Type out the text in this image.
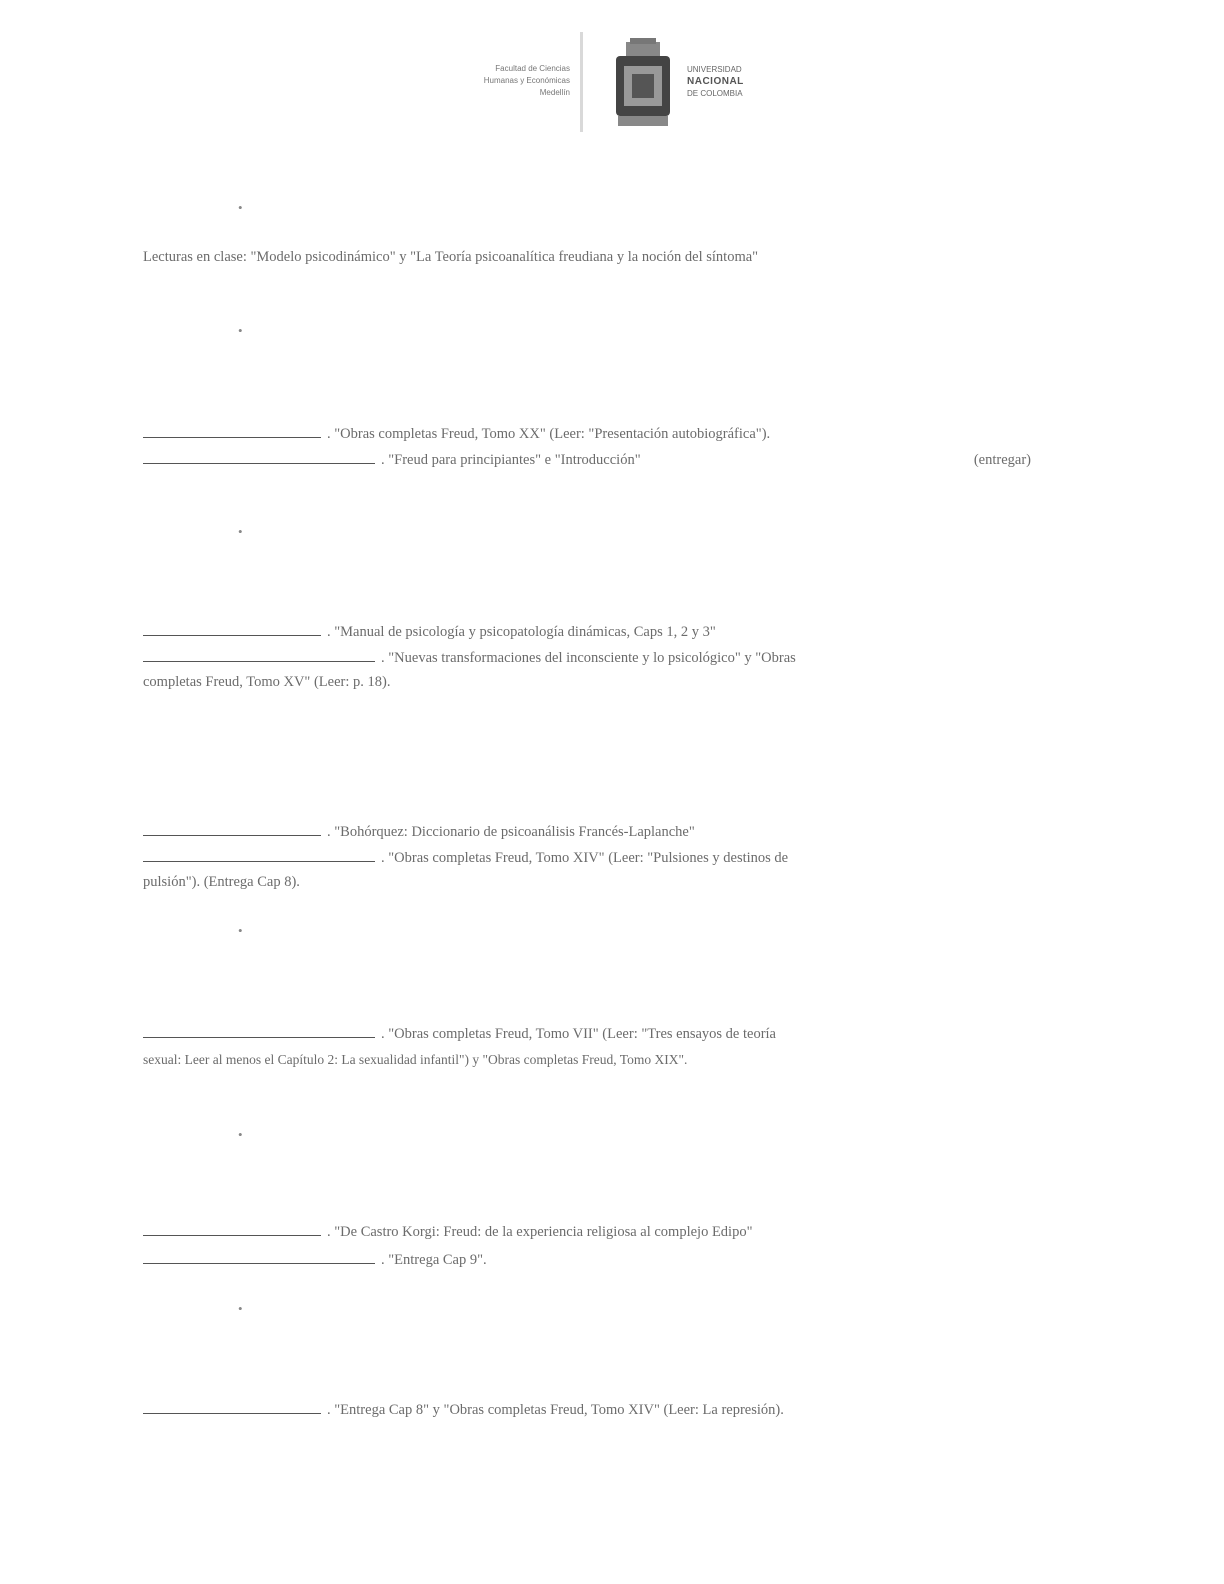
Facultad de Ciencias
Humanas y Económicas
Medellín
UNIVERSIDAD
NACIONAL
DE COLOMBIA
•
Lecturas en clase: "Modelo psicodinámico" y "La Teoría psicoanalítica freudiana y la noción del síntoma"
•
. "Obras completas Freud, Tomo XX" (Leer: "Presentación autobiográfica").
. "Freud para principiantes" e "Introducción"	(entregar)
•
. "Manual de psicología y psicopatología dinámicas, Caps 1, 2 y 3"
. "Nuevas transformaciones del inconsciente y lo psicológico" y "Obras
completas Freud, Tomo XV" (Leer: p. 18).
. "Bohórquez: Diccionario de psicoanálisis Francés-Laplanche"
. "Obras completas Freud, Tomo XIV" (Leer: "Pulsiones y destinos de
pulsión"). (Entrega Cap 8).
•
. "Obras completas Freud, Tomo VII" (Leer: "Tres ensayos de teoría
sexual: Leer al menos el Capítulo 2: La sexualidad infantil") y "Obras completas Freud, Tomo XIX".
•
. "De Castro Korgi: Freud: de la experiencia religiosa al complejo Edipo"
. "Entrega Cap 9".
•
. "Entrega Cap 8" y "Obras completas Freud, Tomo XIV" (Leer: La represión).
